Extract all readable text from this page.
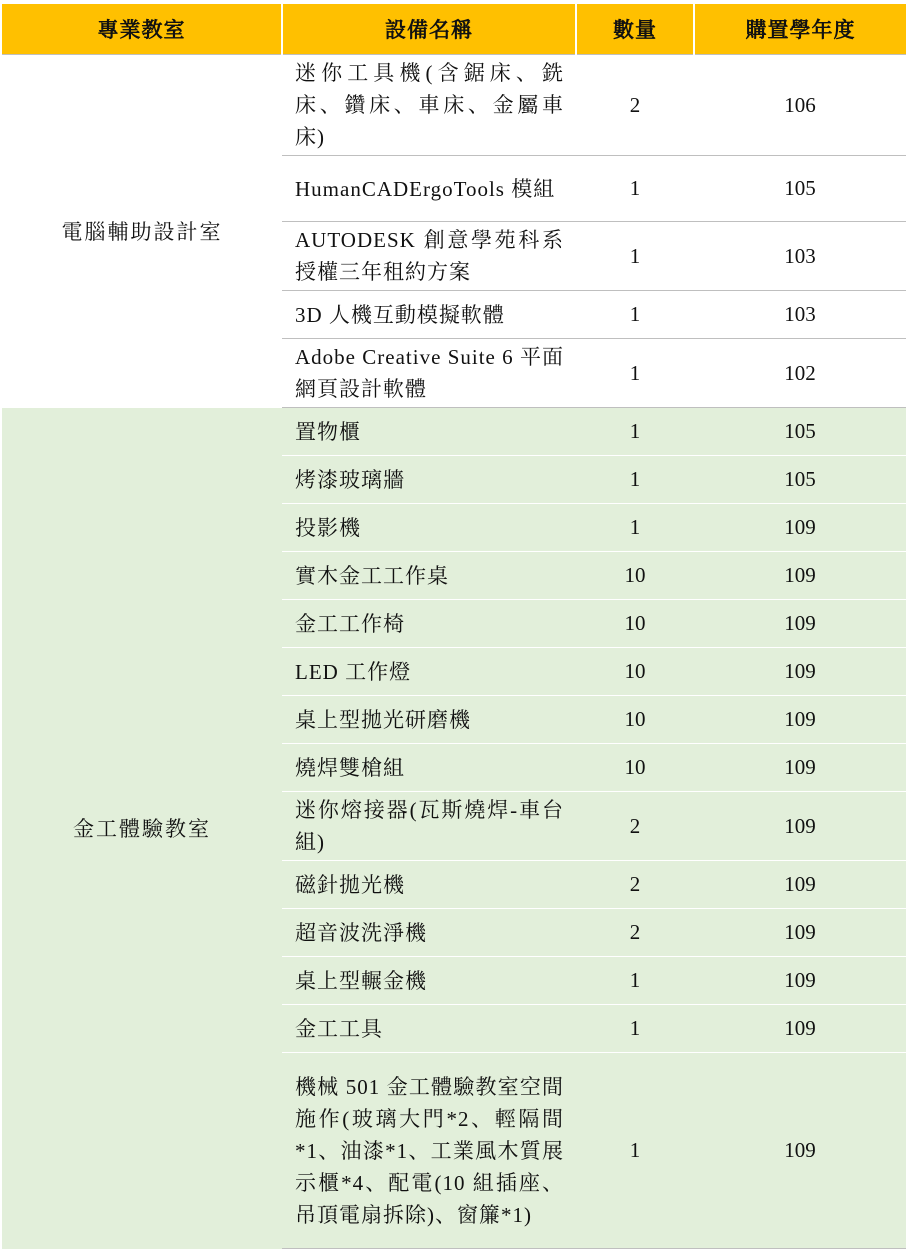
專業教室	設備名稱	數量	購置學年度
電腦輔助設計室	迷你工具機(含鋸床、銑床、鑽床、車床、金屬車床)	2	106
	HumanCADErgoTools 模組	1	105
	AUTODESK 創意學苑科系授權三年租約方案	1	103
	3D 人機互動模擬軟體	1	103
	Adobe Creative Suite 6 平面網頁設計軟體	1	102
金工體驗教室	置物櫃	1	105
	烤漆玻璃牆	1	105
	投影機	1	109
	實木金工工作桌	10	109
	金工工作椅	10	109
	LED 工作燈	10	109
	桌上型拋光研磨機	10	109
	燒焊雙槍組	10	109
	迷你熔接器(瓦斯燒焊-車台組)	2	109
	磁針拋光機	2	109
	超音波洗淨機	2	109
	桌上型輾金機	1	109
	金工工具	1	109
	機械 501 金工體驗教室空間施作(玻璃大門*2、輕隔間*1、油漆*1、工業風木質展示櫃*4、配電(10 組插座、吊頂電扇拆除)、窗簾*1)	1	109
